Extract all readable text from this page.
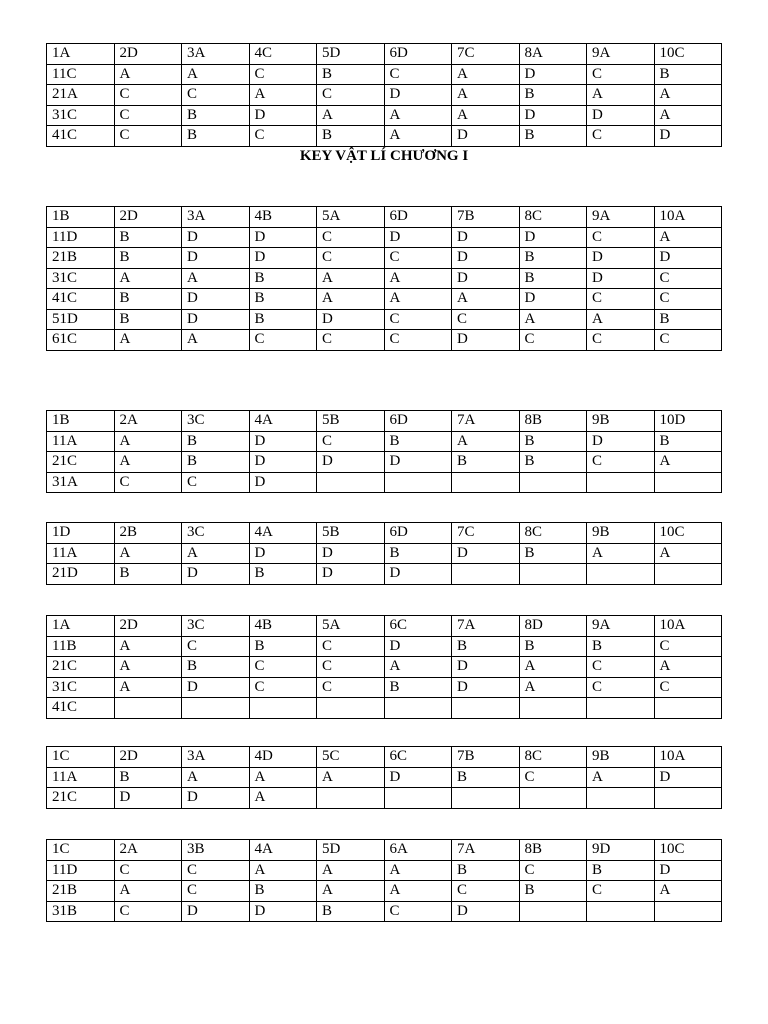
KEY VẬT LÍ CHƯƠNG I
1A	2D	3A	4C	5D	6D	7C	8A	9A	10C
11C	A	A	C	B	C	A	D	C	B
21A	C	C	A	C	D	A	B	A	A
31C	C	B	D	A	A	A	D	D	A
41C	C	B	C	B	A	D	B	C	D
1B	2D	3A	4B	5A	6D	7B	8C	9A	10A
11D	B	D	D	C	D	D	D	C	A
21B	B	D	D	C	C	D	B	D	D
31C	A	A	B	A	A	D	B	D	C
41C	B	D	B	A	A	A	D	C	C
51D	B	D	B	D	C	C	A	A	B
61C	A	A	C	C	C	D	C	C	C
1B	2A	3C	4A	5B	6D	7A	8B	9B	10D
11A	A	B	D	C	B	A	B	D	B
21C	A	B	D	D	D	B	B	C	A
31A	C	C	D						
1D	2B	3C	4A	5B	6D	7C	8C	9B	10C
11A	A	A	D	D	B	D	B	A	A
21D	B	D	B	D	D				
1A	2D	3C	4B	5A	6C	7A	8D	9A	10A
11B	A	C	B	C	D	B	B	B	C
21C	A	B	C	C	A	D	A	C	A
31C	A	D	C	C	B	D	A	C	C
41C									
1C	2D	3A	4D	5C	6C	7B	8C	9B	10A
11A	B	A	A	A	D	B	C	A	D
21C	D	D	A						
1C	2A	3B	4A	5D	6A	7A	8B	9D	10C
11D	C	C	A	A	A	B	C	B	D
21B	A	C	B	A	A	C	B	C	A
31B	C	D	D	B	C	D			
